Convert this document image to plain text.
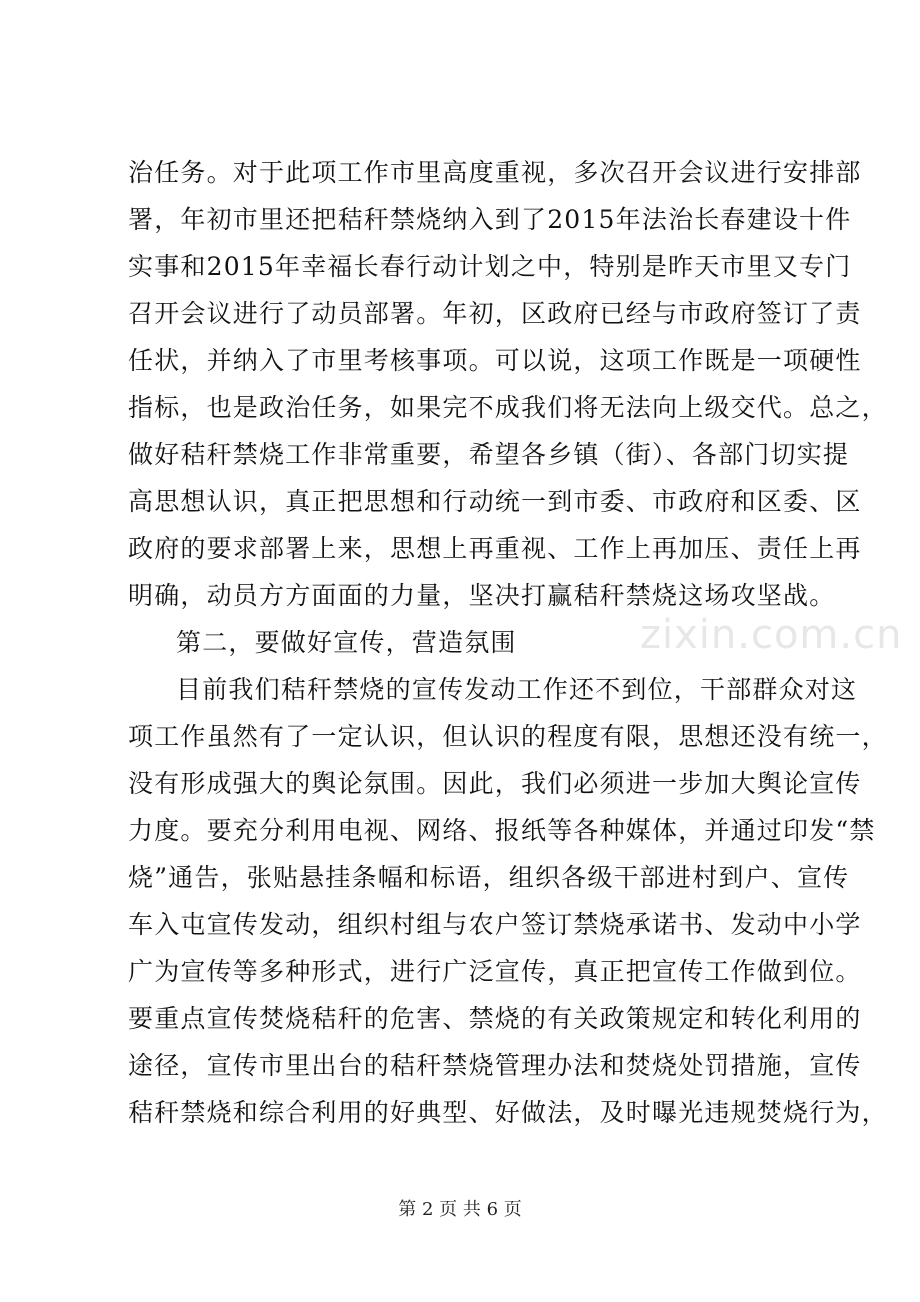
治任务。对于此项工作市里高度重视，多次召开会议进行安排部
署，年初市里还把秸秆禁烧纳入到了2015年法治长春建设十件
实事和2015年幸福长春行动计划之中，特别是昨天市里又专门
召开会议进行了动员部署。年初，区政府已经与市政府签订了责
任状，并纳入了市里考核事项。可以说，这项工作既是一项硬性
指标，也是政治任务，如果完不成我们将无法向上级交代。总之，
做好秸秆禁烧工作非常重要，希望各乡镇（街）、各部门切实提
高思想认识，真正把思想和行动统一到市委、市政府和区委、区
政府的要求部署上来，思想上再重视、工作上再加压、责任上再
明确，动员方方面面的力量，坚决打赢秸秆禁烧这场攻坚战。
第二，要做好宣传，营造氛围
目前我们秸秆禁烧的宣传发动工作还不到位，干部群众对这
项工作虽然有了一定认识，但认识的程度有限，思想还没有统一，
没有形成强大的舆论氛围。因此，我们必须进一步加大舆论宣传
力度。要充分利用电视、网络、报纸等各种媒体，并通过印发“禁
烧”通告，张贴悬挂条幅和标语，组织各级干部进村到户、宣传
车入屯宣传发动，组织村组与农户签订禁烧承诺书、发动中小学
广为宣传等多种形式，进行广泛宣传，真正把宣传工作做到位。
要重点宣传焚烧秸秆的危害、禁烧的有关政策规定和转化利用的
途径，宣传市里出台的秸秆禁烧管理办法和焚烧处罚措施，宣传
秸秆禁烧和综合利用的好典型、好做法，及时曝光违规焚烧行为，
zixin.com.cn
第 2 页 共 6 页
